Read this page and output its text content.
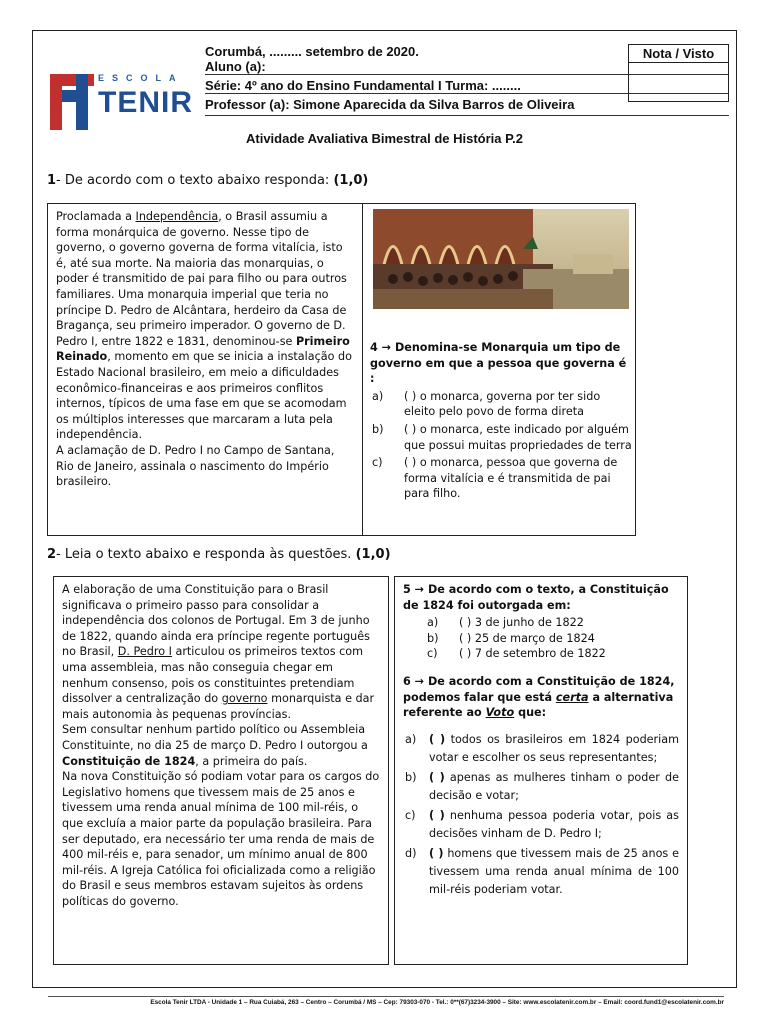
ESCOLA
TENIR
Corumbá, ......... setembro de 2020.
Aluno (a):
Série: 4º ano do Ensino Fundamental I Turma: ........
Professor (a): Simone Aparecida da Silva Barros de Oliveira
Nota / Visto
Atividade Avaliativa Bimestral de História P.2
1- De acordo com o texto abaixo responda: (1,0)

Proclamada a Independência, o Brasil assumiu a forma monárquica de governo. Nesse tipo de governo, o governo governa de forma vitalícia, isto é, até sua morte. Na maioria das monarquias, o poder é transmitido de pai para filho ou para outros familiares. Uma monarquia imperial que teria no príncipe D. Pedro de Alcântara, herdeiro da Casa de Bragança, seu primeiro imperador. O governo de D. Pedro I, entre 1822 e 1831, denominou-se Primeiro Reinado, momento em que se inicia a instalação do Estado Nacional brasileiro, em meio a dificuldades econômico-financeiras e aos primeiros conflitos internos, típicos de uma fase em que se acomodam os múltiplos interesses que marcaram a luta pela independência.

A aclamação de D. Pedro I no Campo de Santana, Rio de Janeiro, assinala o nascimento do Império brasileiro.

4 → Denomina-se Monarquia um tipo de governo em que a pessoa que governa é :

a) ( ) o monarca, governa por ter sido eleito pelo povo de forma direta
b) ( ) o monarca, este indicado por alguém que possui muitas propriedades de terra
c) ( ) o monarca, pessoa que governa de forma vitalícia e é transmitida de pai para filho.
2- Leia o texto abaixo e responda às questões. (1,0)

A elaboração de uma Constituição para o Brasil significava o primeiro passo para consolidar a independência dos colonos de Portugal. Em 3 de junho de 1822, quando ainda era príncipe regente português no Brasil, D. Pedro I articulou os primeiros textos com uma assembleia, mas não conseguia chegar em nenhum consenso, pois os constituintes pretendiam dissolver a centralização do governo monarquista e dar mais autonomia às pequenas províncias.

Sem consultar nenhum partido político ou Assembleia Constituinte, no dia 25 de março D. Pedro I outorgou a Constituição de 1824, a primeira do país.

Na nova Constituição só podiam votar para os cargos do Legislativo homens que tivessem mais de 25 anos e tivessem uma renda anual mínima de 100 mil-réis, o que excluía a maior parte da população brasileira. Para ser deputado, era necessário ter uma renda de mais de 400 mil-réis e, para senador, um mínimo anual de 800 mil-réis. A Igreja Católica foi oficializada como a religião do Brasil e seus membros estavam sujeitos às ordens políticas do governo.

5 → De acordo com o texto, a Constituição de 1824 foi outorgada em:

a) ( ) 3 de junho de 1822
b) ( ) 25 de março de 1824
c) ( ) 7 de setembro de 1822

6 → De acordo com a Constituição de 1824, podemos falar que está certa a alternativa referente ao Voto que:

a) ( ) todos os brasileiros em 1824 poderiam votar e escolher os seus representantes;
b) ( ) apenas as mulheres tinham o poder de decisão e votar;
c) ( ) nenhuma pessoa poderia votar, pois as decisões vinham de D. Pedro I;
d) ( ) homens que tivessem mais de 25 anos e tivessem uma renda anual mínima de 100 mil-réis poderiam votar.
Escola Tenir LTDA - Unidade 1 – Rua Cuiabá, 263 – Centro – Corumbá / MS – Cep: 79303-070 - Tel.: 0**(67)3234-3900 – Site: www.escolatenir.com.br – Email: coord.fund1@escolatenir.com.br
